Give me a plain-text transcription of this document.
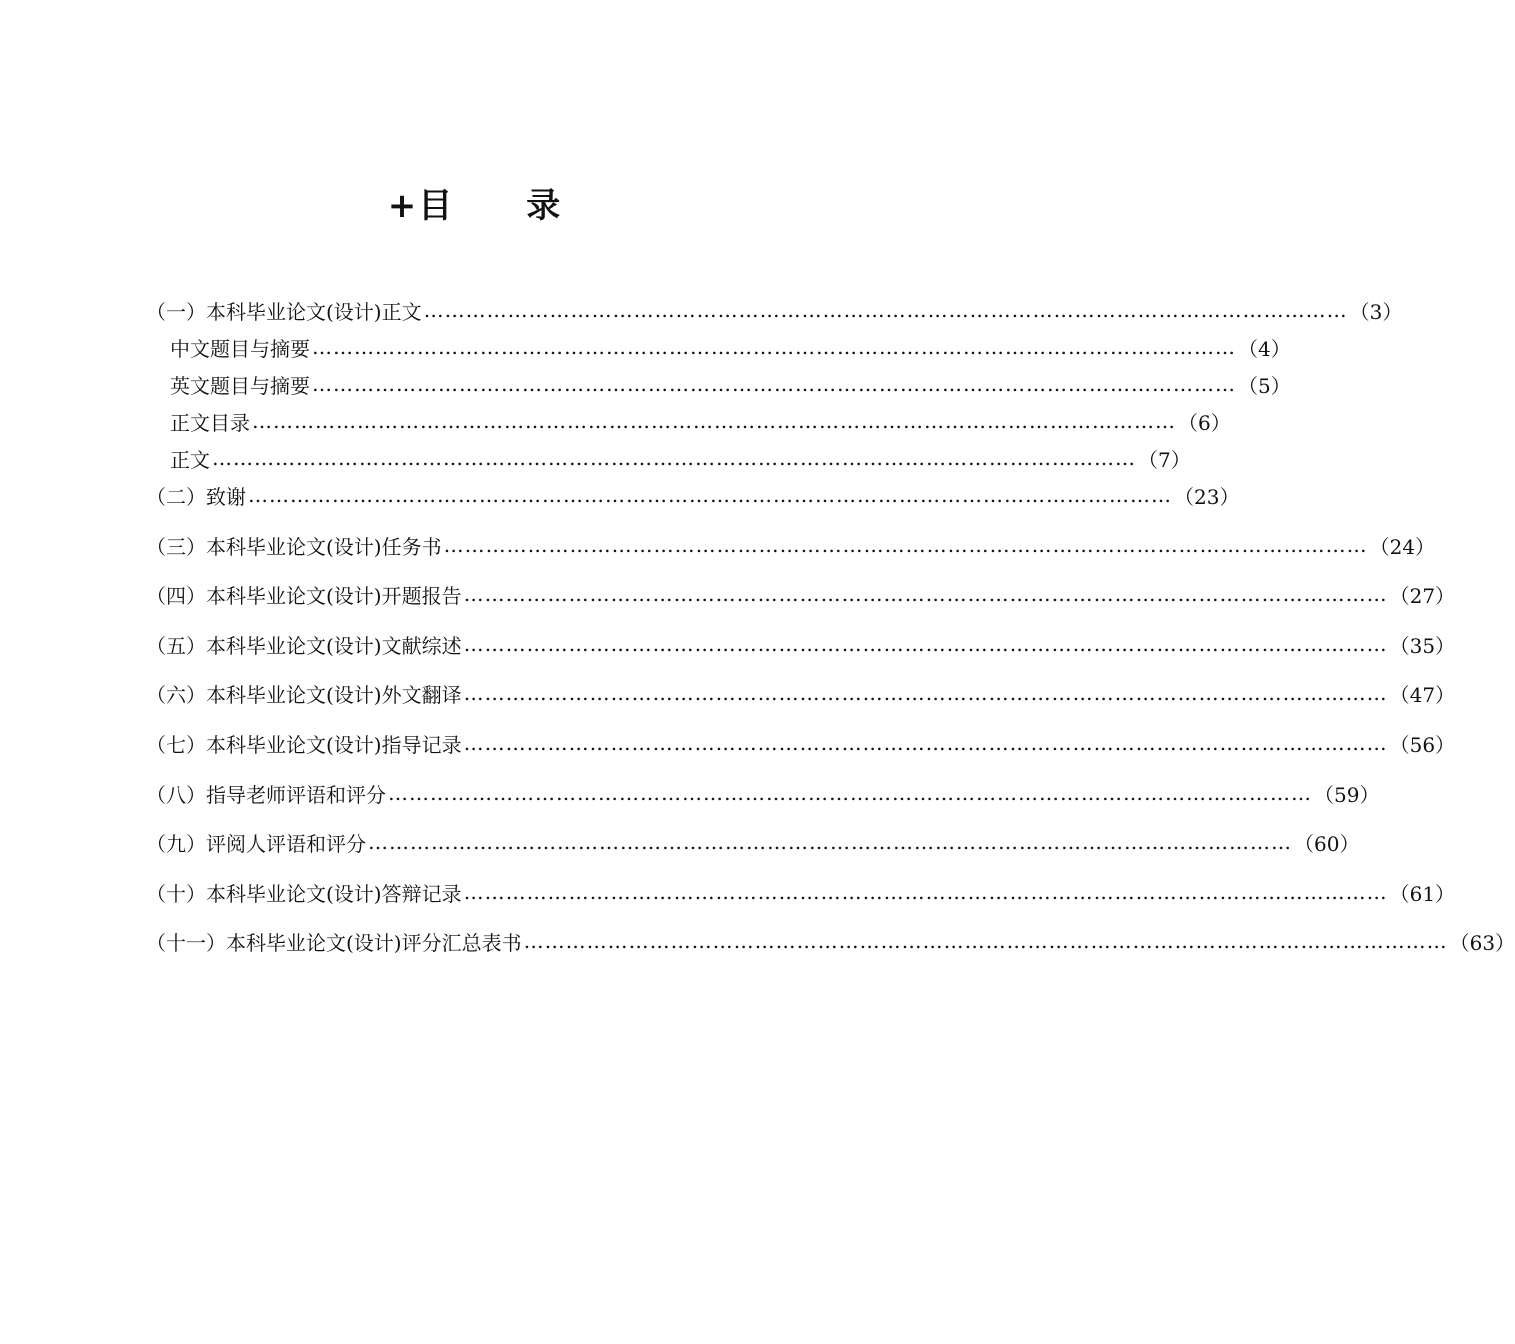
+目　　录
（一）本科毕业论文(设计)正文 …………………………………………………………………………………………………………………… （3）
中文题目与摘要 …………………………………………………………………………………………………………………… （4）
英文题目与摘要 …………………………………………………………………………………………………………………… （5）
正文目录 …………………………………………………………………………………………………………………… （6）
正文 …………………………………………………………………………………………………………………… （7）
（二）致谢 …………………………………………………………………………………………………………………… （23）
（三）本科毕业论文(设计)任务书 …………………………………………………………………………………………………………………… （24）
（四）本科毕业论文(设计)开题报告 …………………………………………………………………………………………………………………… （27）
（五）本科毕业论文(设计)文献综述 …………………………………………………………………………………………………………………… （35）
（六）本科毕业论文(设计)外文翻译 …………………………………………………………………………………………………………………… （47）
（七）本科毕业论文(设计)指导记录 …………………………………………………………………………………………………………………… （56）
（八）指导老师评语和评分 …………………………………………………………………………………………………………………… （59）
（九）评阅人评语和评分 …………………………………………………………………………………………………………………… （60）
（十）本科毕业论文(设计)答辩记录 …………………………………………………………………………………………………………………… （61）
（十一）本科毕业论文(设计)评分汇总表书 …………………………………………………………………………………………………………………… （63）
